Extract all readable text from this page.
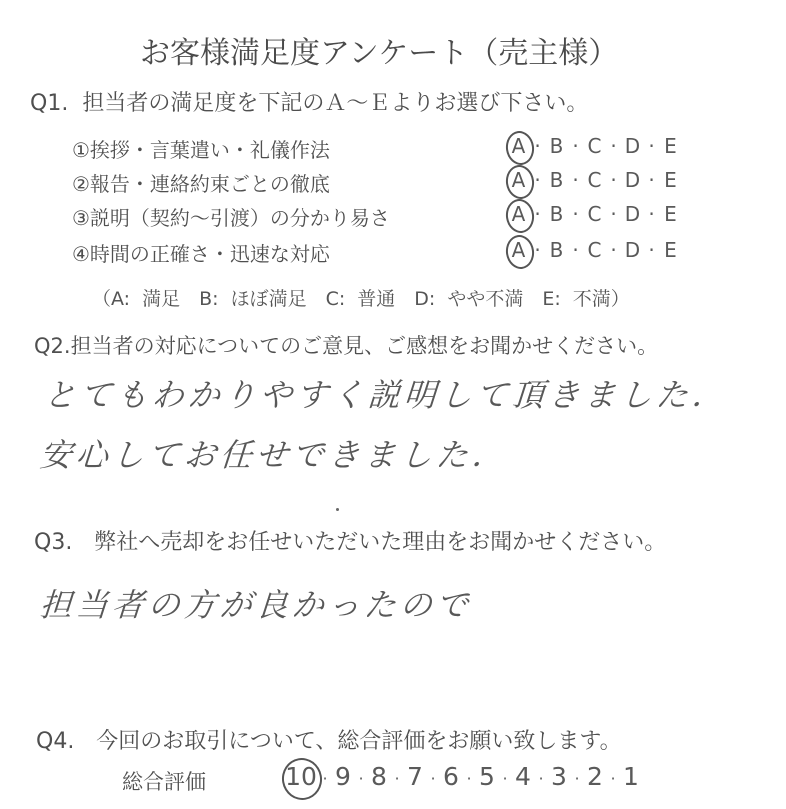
お客様満足度アンケート（売主様）
Q1. 担当者の満足度を下記のＡ～Ｅよりお選び下さい。
①挨拶・言葉遣い・礼儀作法
②報告・連絡約束ごとの徹底
③説明（契約～引渡）の分かり易さ
④時間の正確さ・迅速な対応
A · B · C · D · E
A · B · C · D · E
A · B · C · D · E
A · B · C · D · E
（A: 満足　B: ほぼ満足　C: 普通　D: やや不満　E: 不満）
Q2.担当者の対応についてのご意見、ご感想をお聞かせください。
とてもわかりやすく説明して頂きました．
安心してお任せできました．
Q3.　弊社へ売却をお任せいただいた理由をお聞かせください。
担当者の方が良かったので
Q4.　今回のお取引について、総合評価をお願い致します。
総合評価	10 · 9 · 8 · 7 · 6 · 5 · 4 · 3 · 2 · 1
